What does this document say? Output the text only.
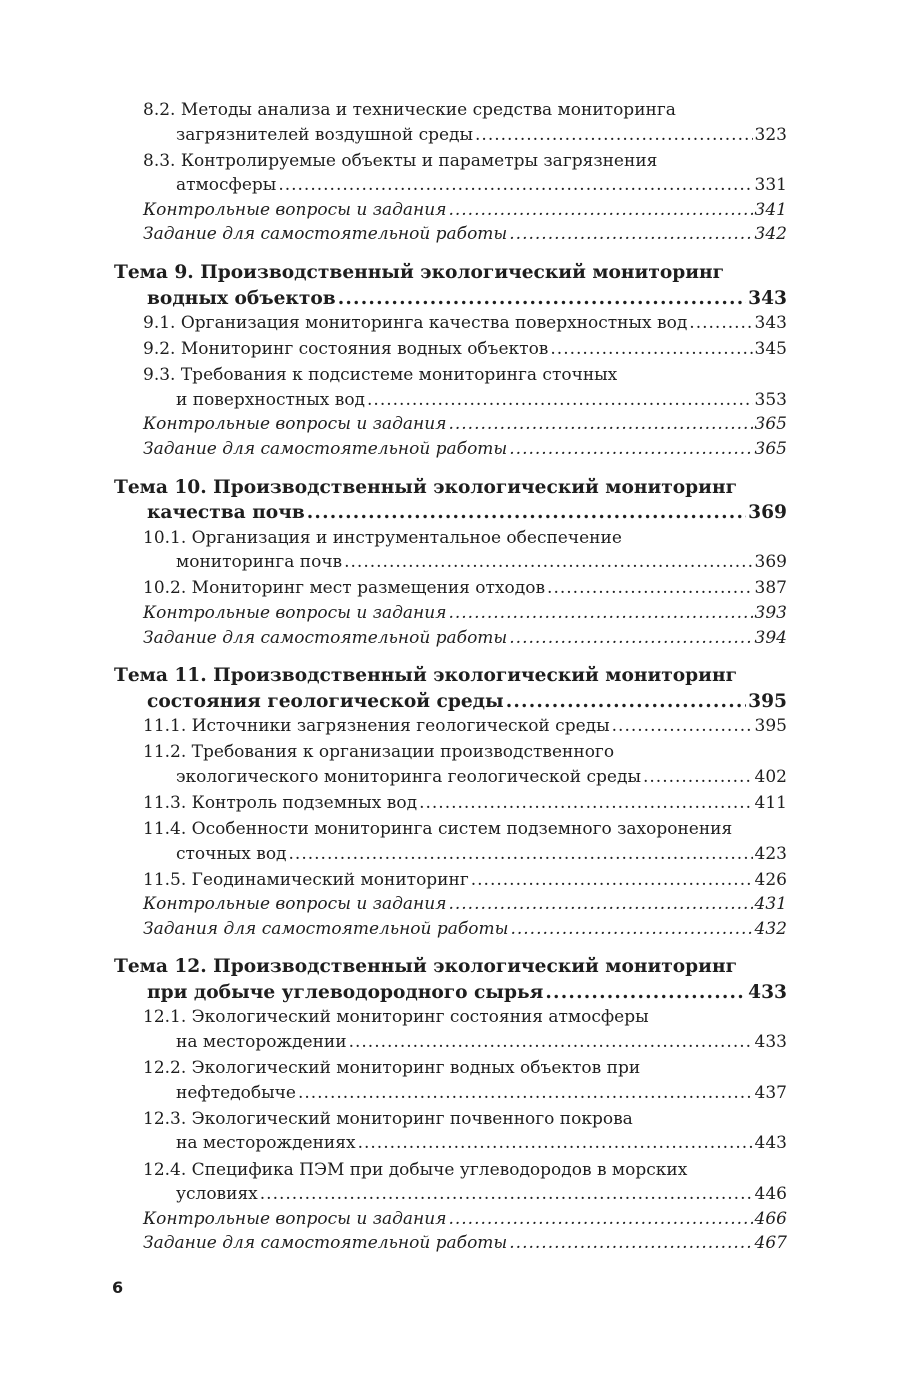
8.2. Методы анализа и технические средства мониторинга
загрязнителей воздушной среды .....	323
8.3. Контролируемые объекты и параметры загрязнения
атмосферы .....	331
Контрольные вопросы и задания .....	341
Задание для самостоятельной работы .....	342
Тема 9. Производственный экологический мониторинг
водных объектов .....	343
9.1. Организация мониторинга качества поверхностных вод .....	343
9.2. Мониторинг состояния водных объектов .....	345
9.3. Требования к подсистеме мониторинга сточных
и поверхностных вод .....	353
Контрольные вопросы и задания .....	365
Задание для самостоятельной работы .....	365
Тема 10. Производственный экологический мониторинг
качества почв .....	369
10.1. Организация и инструментальное обеспечение
мониторинга почв .....	369
10.2. Мониторинг мест размещения отходов .....	387
Контрольные вопросы и задания .....	393
Задание для самостоятельной работы .....	394
Тема 11. Производственный экологический мониторинг
состояния геологической среды .....	395
11.1. Источники загрязнения геологической среды .....	395
11.2. Требования к организации производственного
экологического мониторинга геологической среды .....	402
11.3. Контроль подземных вод .....	411
11.4. Особенности мониторинга систем подземного захоронения
сточных вод .....	423
11.5. Геодинамический мониторинг .....	426
Контрольные вопросы и задания .....	431
Задания для самостоятельной работы .....	432
Тема 12. Производственный экологический мониторинг
при добыче углеводородного сырья .....	433
12.1. Экологический мониторинг состояния атмосферы
на месторождении .....	433
12.2. Экологический мониторинг водных объектов при
нефтедобыче .....	437
12.3. Экологический мониторинг почвенного покрова
на месторождениях .....	443
12.4. Специфика ПЭМ при добыче углеводородов в морских
условиях .....	446
Контрольные вопросы и задания .....	466
Задание для самостоятельной работы .....	467
6
